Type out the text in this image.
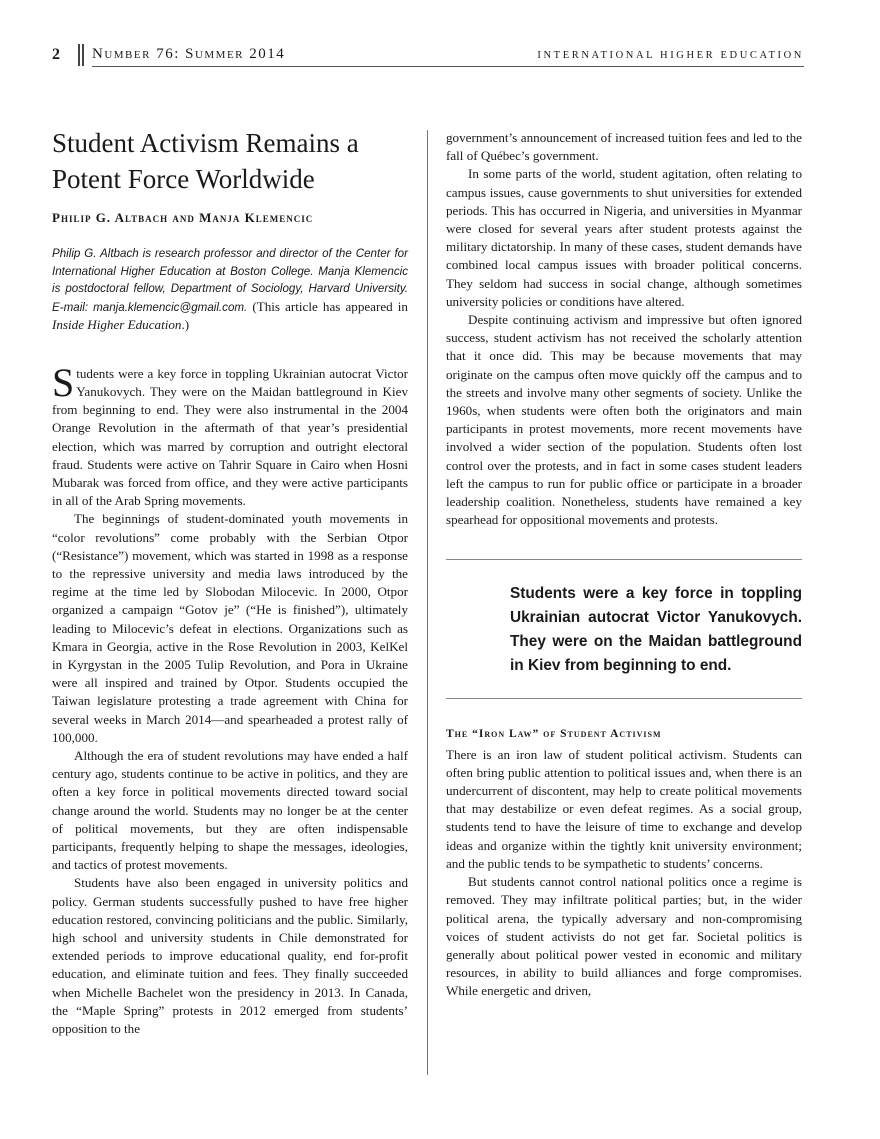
2 Number 76: Summer 2014	INTERNATIONAL HIGHER EDUCATION
Student Activism Remains a Potent Force Worldwide
Philip G. Altbach and Manja Klemencic

Philip G. Altbach is research professor and director of the Center for International Higher Education at Boston College. Manja Klemencic is postdoctoral fellow, Department of Sociology, Harvard University. E-mail: manja.klemencic@gmail.com. (This article has appeared in Inside Higher Education.)

Students were a key force in toppling Ukrainian autocrat Victor Yanukovych. They were on the Maidan battleground in Kiev from beginning to end. They were also instrumental in the 2004 Orange Revolution in the aftermath of that year’s presidential election, which was marred by corruption and outright electoral fraud. Students were active on Tahrir Square in Cairo when Hosni Mubarak was forced from office, and they were active participants in all of the Arab Spring movements.

The beginnings of student-dominated youth movements in “color revolutions” come probably with the Serbian Otpor (“Resistance”) movement, which was started in 1998 as a response to the repressive university and media laws introduced by the regime at the time led by Slobodan Milocevic. In 2000, Otpor organized a campaign “Gotov je” (“He is finished”), ultimately leading to Milocevic’s defeat in elections. Organizations such as Kmara in Georgia, active in the Rose Revolution in 2003, KelKel in Kyrgystan in the 2005 Tulip Revolution, and Pora in Ukraine were all inspired and trained by Otpor. Students occupied the Taiwan legislature protesting a trade agreement with China for several weeks in March 2014—and spearheaded a protest rally of 100,000.

Although the era of student revolutions may have ended a half century ago, students continue to be active in politics, and they are often a key force in political movements directed toward social change around the world. Students may no longer be at the center of political movements, but they are often indispensable participants, frequently helping to shape the messages, ideologies, and tactics of protest movements.

Students have also been engaged in university politics and policy. German students successfully pushed to have free higher education restored, convincing politicians and the public. Similarly, high school and university students in Chile demonstrated for extended periods to improve educational quality, end for-profit education, and eliminate tuition and fees. They finally succeeded when Michelle Bachelet won the presidency in 2013. In Canada, the “Maple Spring” protests in 2012 emerged from students’ opposition to the

government’s announcement of increased tuition fees and led to the fall of Québec’s government.

In some parts of the world, student agitation, often relating to campus issues, cause governments to shut universities for extended periods. This has occurred in Nigeria, and universities in Myanmar were closed for several years after student protests against the military dictatorship. In many of these cases, student demands have combined local campus issues with broader political concerns. They seldom had success in social change, although sometimes university policies or conditions have altered.

Despite continuing activism and impressive but often ignored success, student activism has not received the scholarly attention that it once did. This may be because movements that may originate on the campus often move quickly off the campus and to the streets and involve many other segments of society. Unlike the 1960s, when students were often both the originators and main participants in protest movements, more recent movements have involved a wider section of the population. Students often lost control over the protests, and in fact in some cases student leaders left the campus to run for public office or participate in a broader leadership coalition. Nonetheless, students have remained a key spearhead for oppositional movements and protests.

Students were a key force in toppling Ukrainian autocrat Victor Yanukovych. They were on the Maidan battleground in Kiev from beginning to end.

The “Iron Law” of Student Activism

There is an iron law of student political activism. Students can often bring public attention to political issues and, when there is an undercurrent of discontent, may help to create political movements that may destabilize or even defeat regimes. As a social group, students tend to have the leisure of time to exchange and develop ideas and organize within the tightly knit university environment; and the public tends to be sympathetic to students’ concerns.

But students cannot control national politics once a regime is removed. They may infiltrate political parties; but, in the wider political arena, the typically adversary and non-compromising voices of student activists do not get far. Societal politics is generally about political power vested in economic and military resources, in ability to build alliances and forge compromises. While energetic and driven,
